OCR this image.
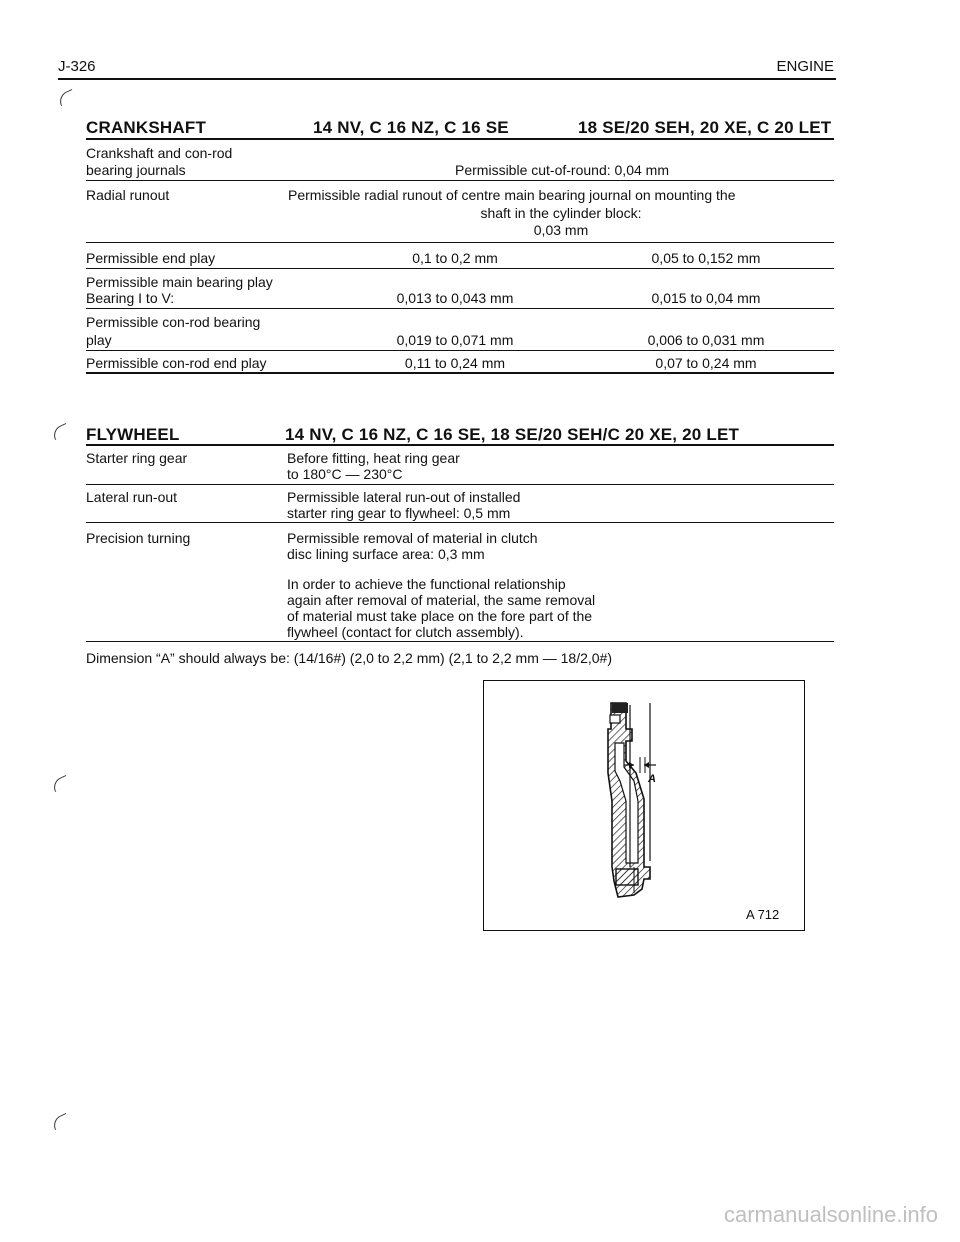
J-326	ENGINE
CRANKSHAFT	14 NV, C 16 NZ, C 16 SE	18 SE/20 SEH, 20 XE, C 20 LET
Crankshaft and con-rod
bearing journals	Permissible cut-of-round: 0,04 mm
Radial runout	Permissible radial runout of centre main bearing journal on mounting the
shaft in the cylinder block:
0,03 mm
Permissible end play	0,1 to 0,2 mm	0,05 to 0,152 mm
Permissible main bearing play
Bearing I to V:	0,013 to 0,043 mm	0,015 to 0,04 mm
Permissible con-rod bearing
play	0,019 to 0,071 mm	0,006 to 0,031 mm
Permissible con-rod end play	0,11 to 0,24 mm	0,07 to 0,24 mm
FLYWHEEL	14 NV, C 16 NZ, C 16 SE, 18 SE/20 SEH/C 20 XE, 20 LET
Starter ring gear	Before fitting, heat ring gear
to 180°C — 230°C
Lateral run-out	Permissible lateral run-out of installed
starter ring gear to flywheel: 0,5 mm
Precision turning	Permissible removal of material in clutch
disc lining surface area: 0,3 mm
In order to achieve the functional relationship
again after removal of material, the same removal
of material must take place on the fore part of the
flywheel (contact for clutch assembly).
Dimension “A” should always be: (14/16#) (2,0 to 2,2 mm) (2,1 to 2,2 mm — 18/2,0#)
A
A 712
carmanualsonline.info
